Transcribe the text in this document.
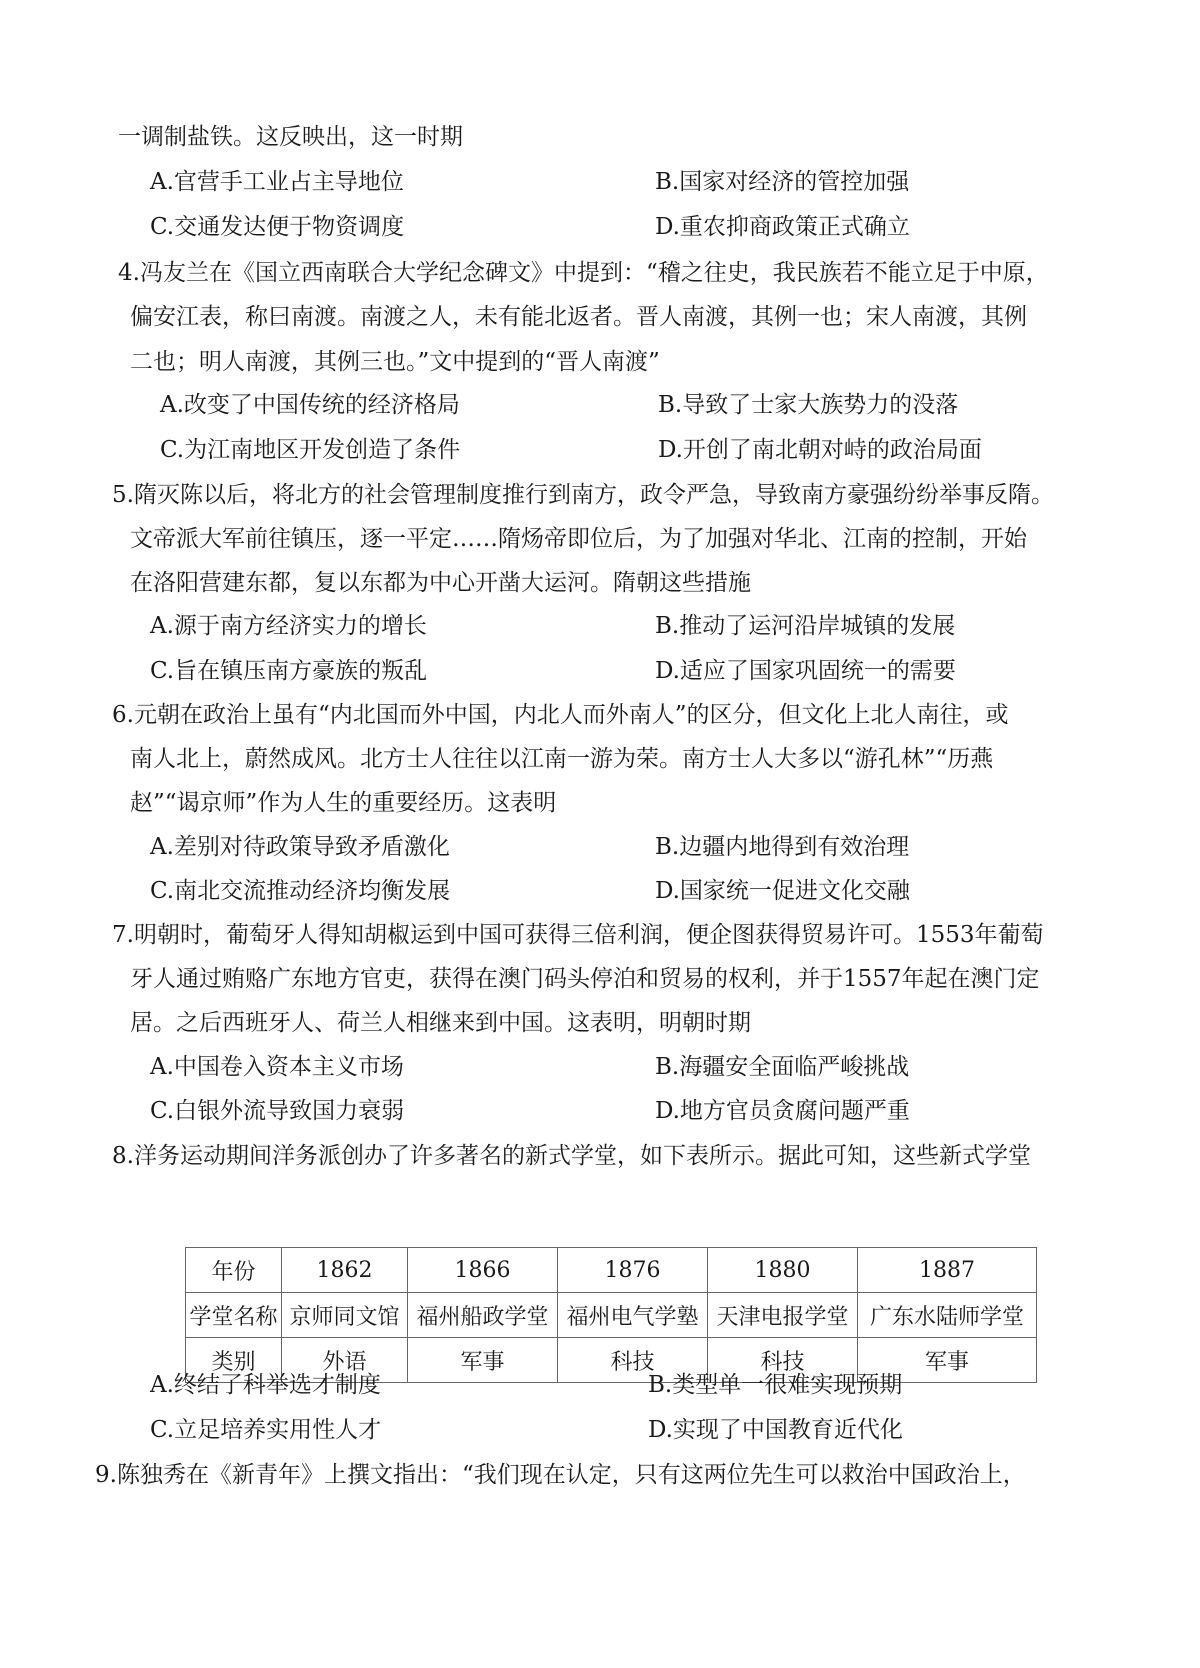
一调制盐铁。这反映出，这一时期
A.官营手工业占主导地位	B.国家对经济的管控加强
C.交通发达便于物资调度	D.重农抑商政策正式确立
4.冯友兰在《国立西南联合大学纪念碑文》中提到：“稽之往史，我民族若不能立足于中原，
偏安江表，称曰南渡。南渡之人，未有能北返者。晋人南渡，其例一也；宋人南渡，其例
二也；明人南渡，其例三也。”文中提到的“晋人南渡”
A.改变了中国传统的经济格局	B.导致了士家大族势力的没落
C.为江南地区开发创造了条件	D.开创了南北朝对峙的政治局面
5.隋灭陈以后，将北方的社会管理制度推行到南方，政令严急，导致南方豪强纷纷举事反隋。
文帝派大军前往镇压，逐一平定……隋炀帝即位后，为了加强对华北、江南的控制，开始
在洛阳营建东都，复以东都为中心开凿大运河。隋朝这些措施
A.源于南方经济实力的增长	B.推动了运河沿岸城镇的发展
C.旨在镇压南方豪族的叛乱	D.适应了国家巩固统一的需要
6.元朝在政治上虽有“内北国而外中国，内北人而外南人”的区分，但文化上北人南往，或
南人北上，蔚然成风。北方士人往往以江南一游为荣。南方士人大多以“游孔林”“历燕
赵”“谒京师”作为人生的重要经历。这表明
A.差别对待政策导致矛盾激化	B.边疆内地得到有效治理
C.南北交流推动经济均衡发展	D.国家统一促进文化交融
7.明朝时，葡萄牙人得知胡椒运到中国可获得三倍利润，便企图获得贸易许可。1553年葡萄
牙人通过贿赂广东地方官吏，获得在澳门码头停泊和贸易的权利，并于1557年起在澳门定
居。之后西班牙人、荷兰人相继来到中国。这表明，明朝时期
A.中国卷入资本主义市场	B.海疆安全面临严峻挑战
C.白银外流导致国力衰弱	D.地方官员贪腐问题严重
8.洋务运动期间洋务派创办了许多著名的新式学堂，如下表所示。据此可知，这些新式学堂
年份	1862	1866	1876	1880	1887
学堂名称	京师同文馆	福州船政学堂	福州电气学塾	天津电报学堂	广东水陆师学堂
类别	外语	军事	科技	科技	军事
A.终结了科举选才制度	B.类型单一很难实现预期
C.立足培养实用性人才	D.实现了中国教育近代化
9.陈独秀在《新青年》上撰文指出：“我们现在认定，只有这两位先生可以救治中国政治上，
